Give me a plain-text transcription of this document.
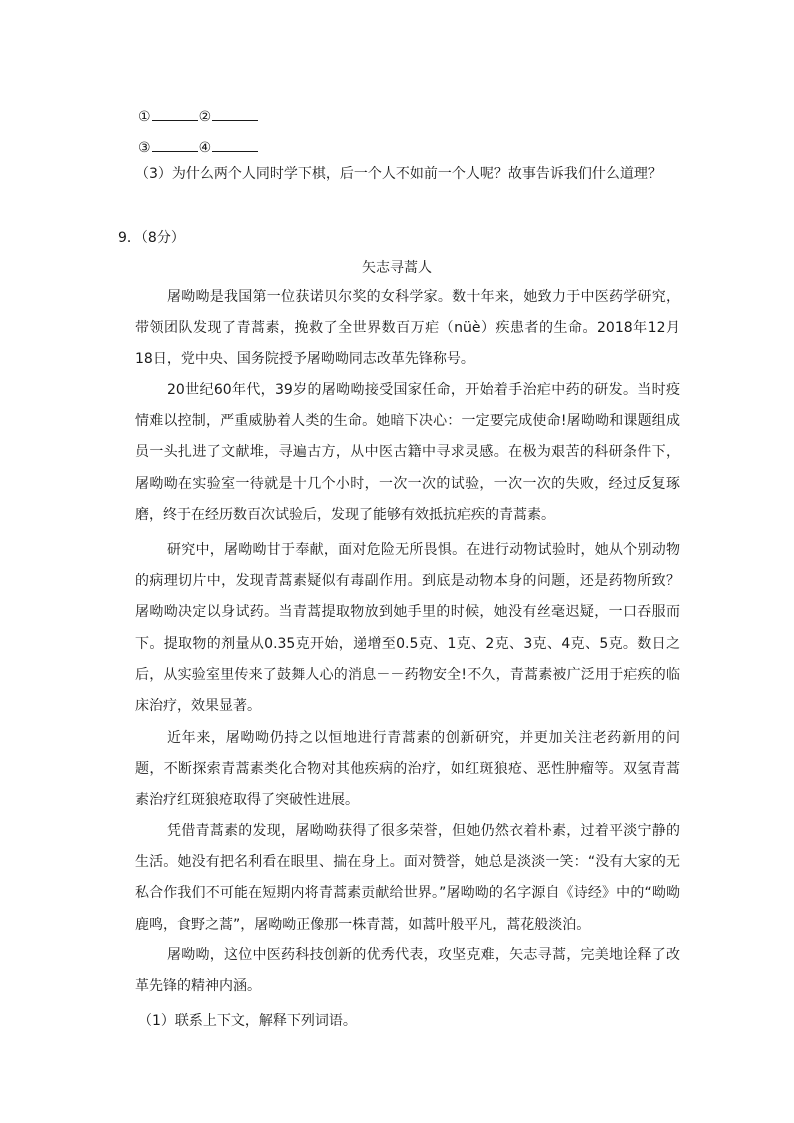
①	②
③	④
（3）为什么两个人同时学下棋，后一个人不如前一个人呢？故事告诉我们什么道理？
9．（8分）
矢志寻蒿人

屠呦呦是我国第一位获诺贝尔奖的女科学家。数十年来，她致力于中医药学研究，带领团队发现了青蒿素，挽救了全世界数百万疟（nüè）疾患者的生命。2018年12月18日，党中央、国务院授予屠呦呦同志改革先锋称号。

20世纪60年代，39岁的屠呦呦接受国家任命，开始着手治疟中药的研发。当时疫情难以控制，严重威胁着人类的生命。她暗下决心：一定要完成使命!屠呦呦和课题组成员一头扎进了文献堆，寻遍古方，从中医古籍中寻求灵感。在极为艰苦的科研条件下，屠呦呦在实验室一待就是十几个小时，一次一次的试验，一次一次的失败，经过反复琢磨，终于在经历数百次试验后，发现了能够有效抵抗疟疾的青蒿素。

研究中，屠呦呦甘于奉献，面对危险无所畏惧。在进行动物试验时，她从个别动物的病理切片中，发现青蒿素疑似有毒副作用。到底是动物本身的问题，还是药物所致？屠呦呦决定以身试药。当青蒿提取物放到她手里的时候，她没有丝毫迟疑，一口吞服而下。提取物的剂量从0.35克开始，递增至0.5克、1克、2克、3克、4克、5克。数日之后，从实验室里传来了鼓舞人心的消息－－药物安全!不久，青蒿素被广泛用于疟疾的临床治疗，效果显著。

近年来，屠呦呦仍持之以恒地进行青蒿素的创新研究，并更加关注老药新用的问题，不断探索青蒿素类化合物对其他疾病的治疗，如红斑狼疮、恶性肿瘤等。双氢青蒿素治疗红斑狼疮取得了突破性进展。

凭借青蒿素的发现，屠呦呦获得了很多荣誉，但她仍然衣着朴素，过着平淡宁静的生活。她没有把名利看在眼里、揣在身上。面对赞誉，她总是淡淡一笑：“没有大家的无私合作我们不可能在短期内将青蒿素贡献给世界。”屠呦呦的名字源自《诗经》中的“呦呦鹿鸣，食野之蒿”，屠呦呦正像那一株青蒿，如蒿叶般平凡，蒿花般淡泊。

屠呦呦，这位中医药科技创新的优秀代表，攻坚克难，矢志寻蒿，完美地诠释了改革先锋的精神内涵。

（1）联系上下文，解释下列词语。
